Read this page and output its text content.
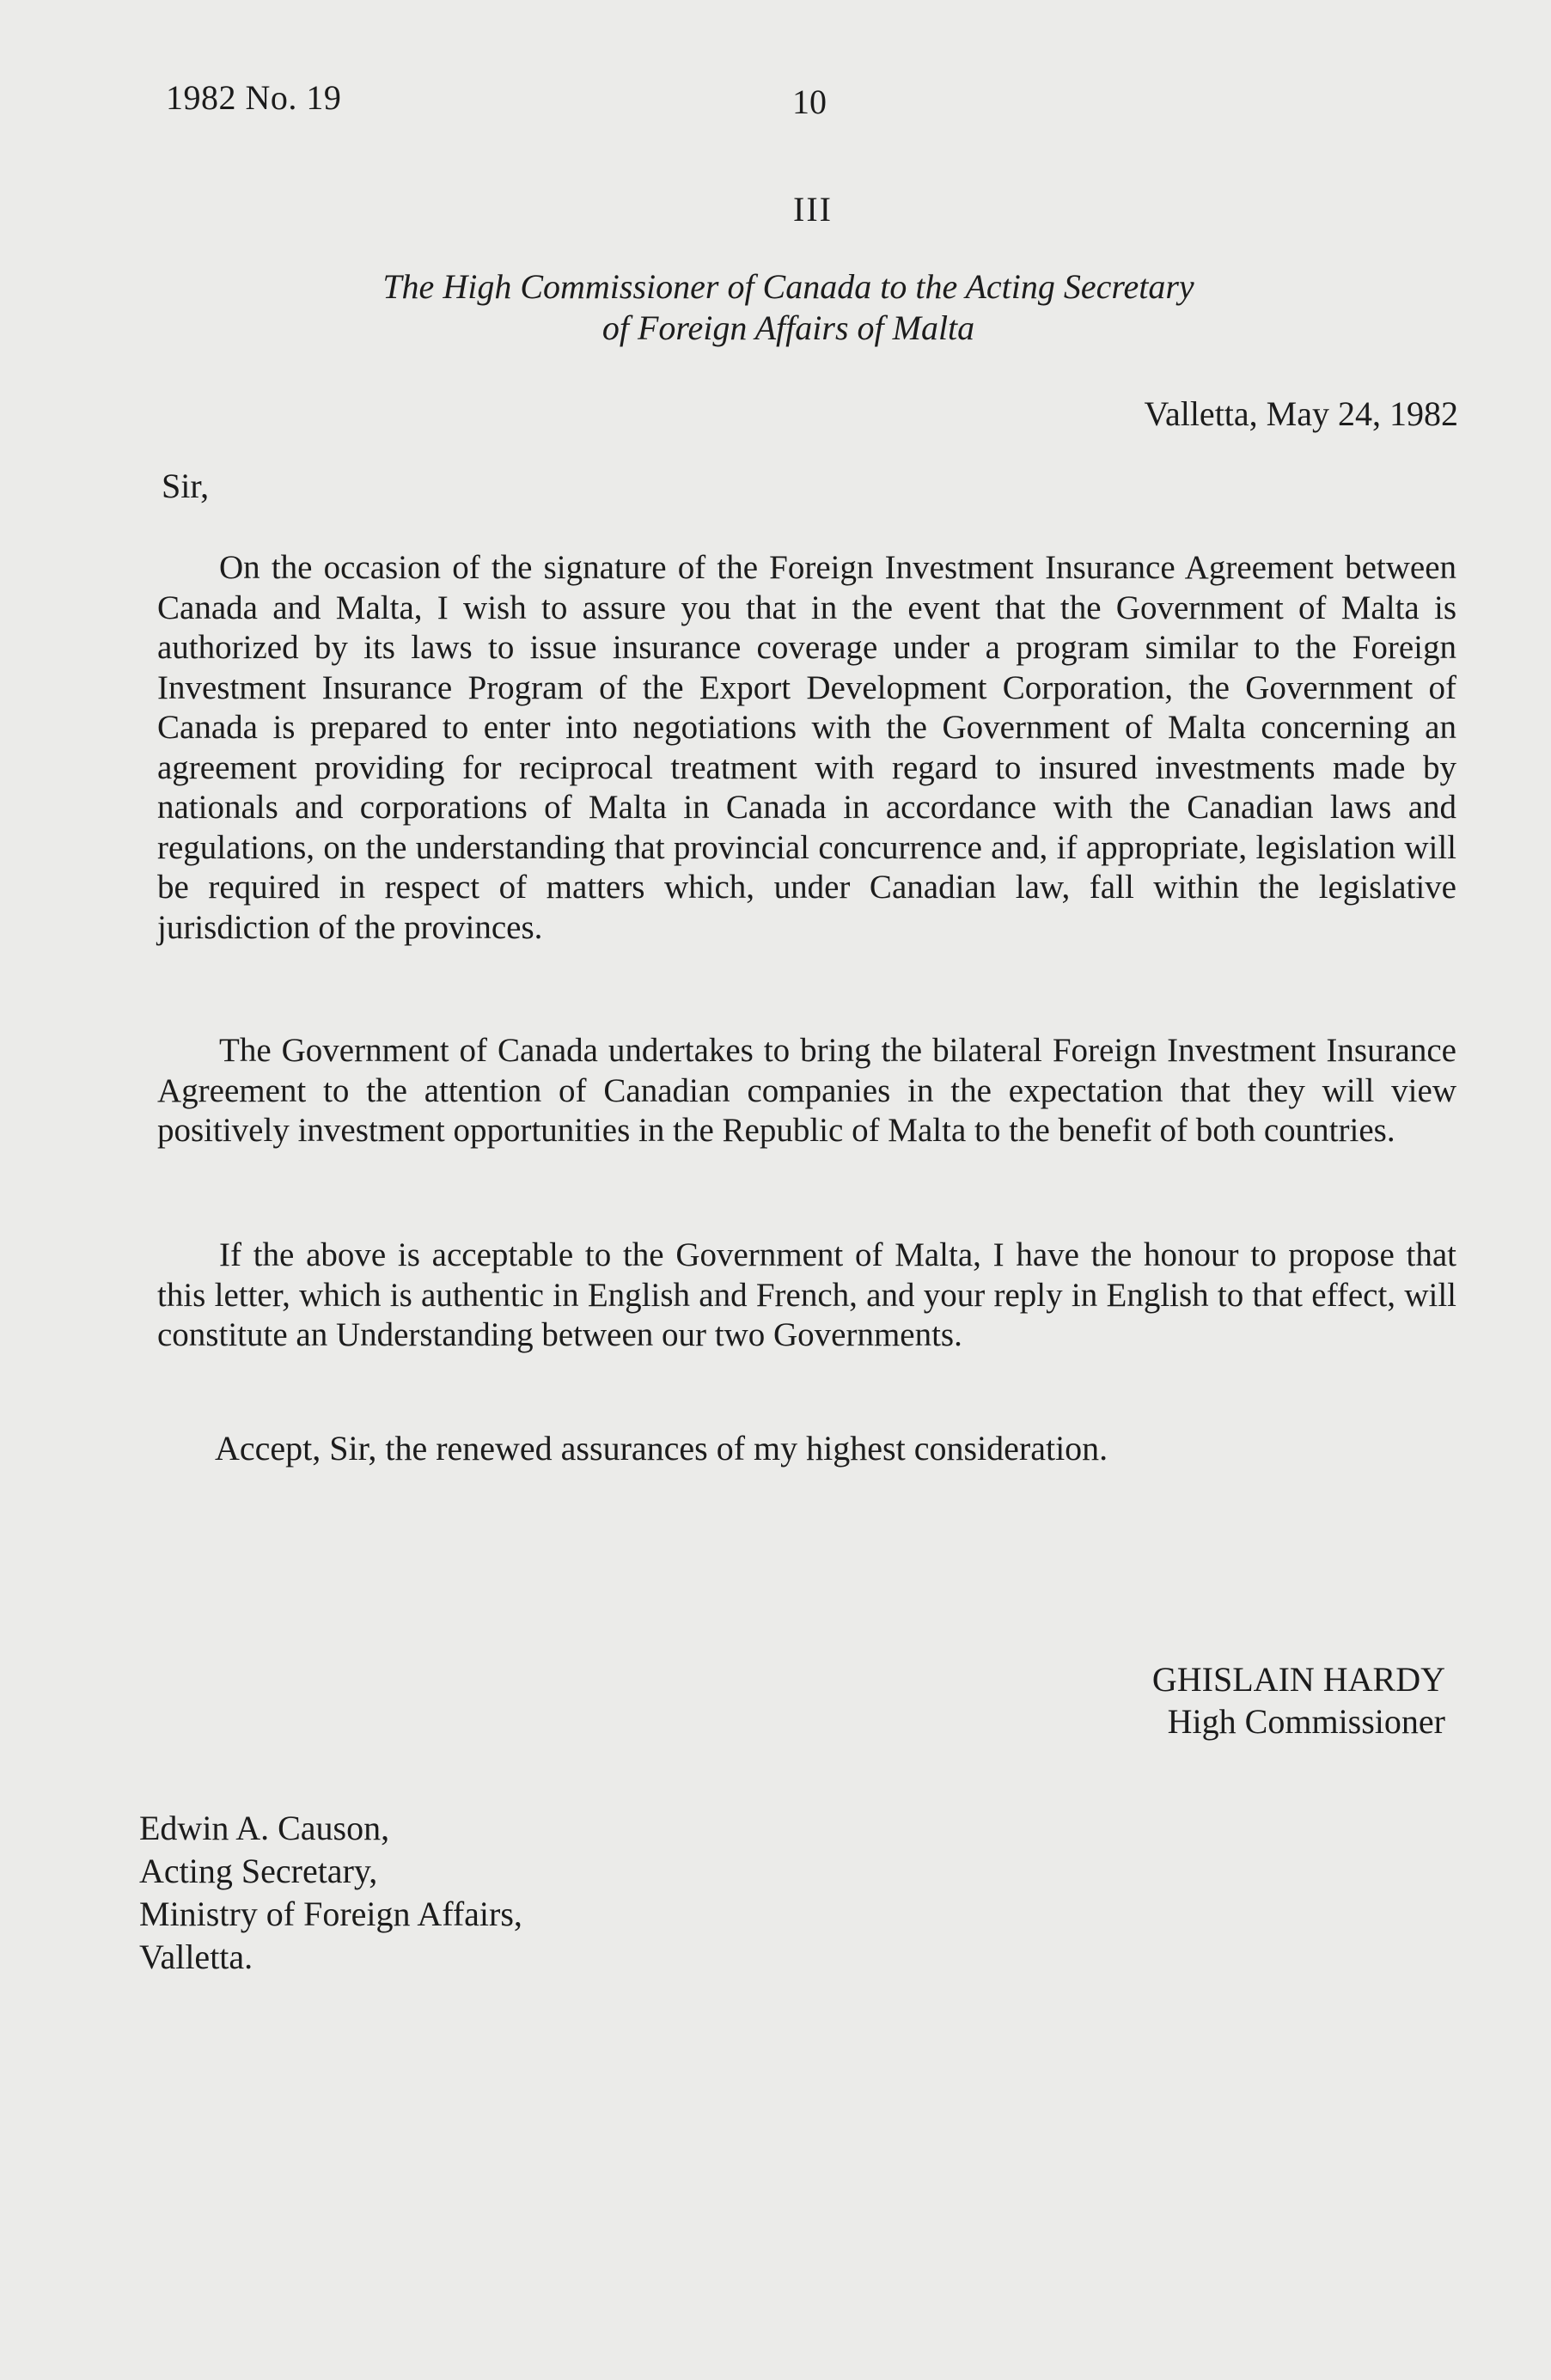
1982 No. 19	10
III
The High Commissioner of Canada to the Acting Secretary
of Foreign Affairs of Malta
Valletta, May 24, 1982
Sir,

On the occasion of the signature of the Foreign Investment Insurance Agreement between Canada and Malta, I wish to assure you that in the event that the Government of Malta is authorized by its laws to issue insurance coverage under a program similar to the Foreign Investment Insurance Program of the Export Development Corporation, the Government of Canada is prepared to enter into negotiations with the Government of Malta concerning an agreement providing for reciprocal treatment with regard to insured investments made by nationals and corporations of Malta in Canada in accordance with the Canadian laws and regulations, on the understanding that provincial concurrence and, if appropriate, legislation will be required in respect of matters which, under Canadian law, fall within the legislative jurisdiction of the provinces.

The Government of Canada undertakes to bring the bilateral Foreign Investment Insurance Agreement to the attention of Canadian companies in the expectation that they will view positively investment opportunities in the Republic of Malta to the benefit of both countries.

If the above is acceptable to the Government of Malta, I have the honour to propose that this letter, which is authentic in English and French, and your reply in English to that effect, will constitute an Understanding between our two Governments.

Accept, Sir, the renewed assurances of my highest consideration.
GHISLAIN HARDY
High Commissioner
Edwin A. Causon,
Acting Secretary,
Ministry of Foreign Affairs,
Valletta.
